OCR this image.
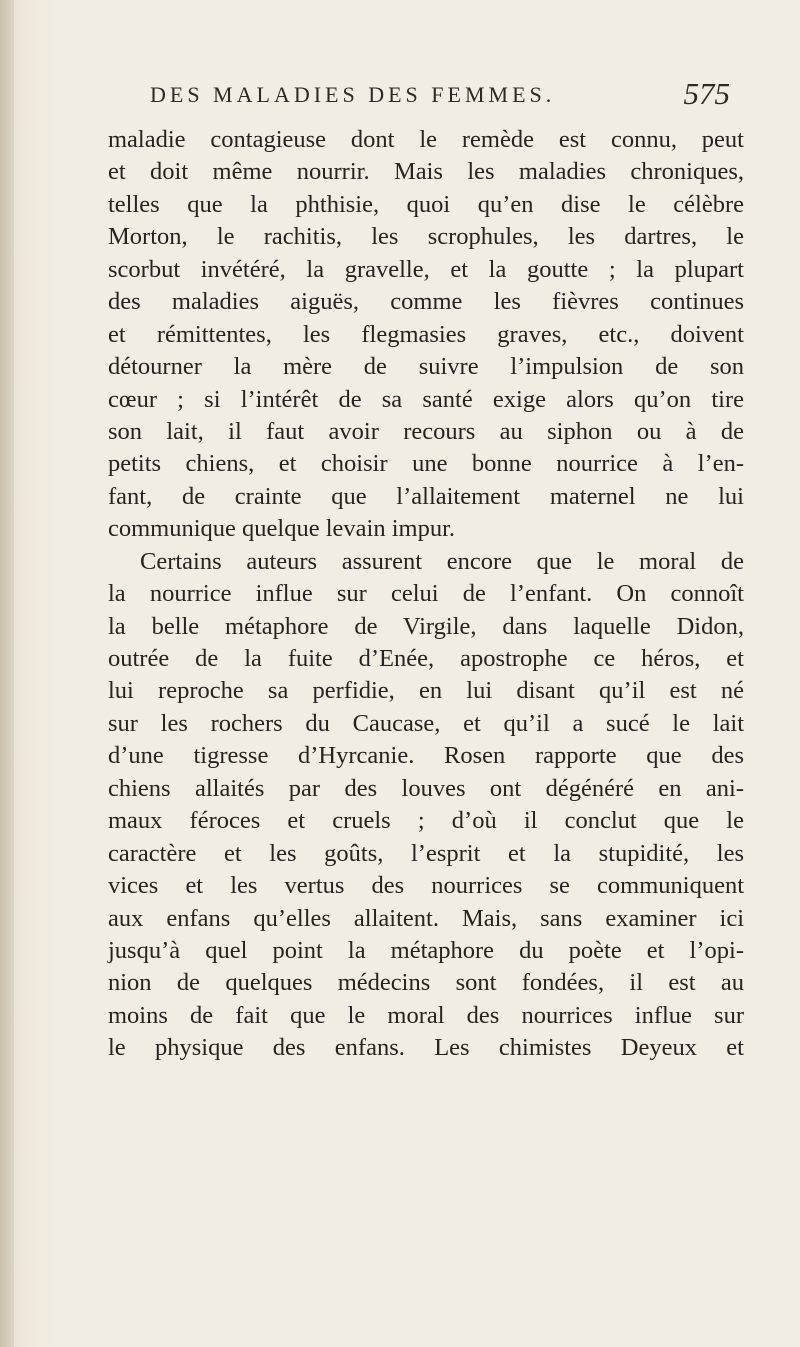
DES MALADIES DES FEMMES.	575
maladie contagieuse dont le remède est connu, peut
et doit même nourrir. Mais les maladies chroniques,
telles que la phthisie, quoi qu’en dise le célèbre
Morton, le rachitis, les scrophules, les dartres, le
scorbut invétéré, la gravelle, et la goutte ; la plupart
des maladies aiguës, comme les fièvres continues
et rémittentes, les flegmasies graves, etc., doivent
détourner la mère de suivre l’impulsion de son
cœur ; si l’intérêt de sa santé exige alors qu’on tire
son lait, il faut avoir recours au siphon ou à de
petits chiens, et choisir une bonne nourrice à l’en-
fant, de crainte que l’allaitement maternel ne lui
communique quelque levain impur.
Certains auteurs assurent encore que le moral de
la nourrice influe sur celui de l’enfant. On connoît
la belle métaphore de Virgile, dans laquelle Didon,
outrée de la fuite d’Enée, apostrophe ce héros, et
lui reproche sa perfidie, en lui disant qu’il est né
sur les rochers du Caucase, et qu’il a sucé le lait
d’une tigresse d’Hyrcanie. Rosen rapporte que des
chiens allaités par des louves ont dégénéré en ani-
maux féroces et cruels ; d’où il conclut que le
caractère et les goûts, l’esprit et la stupidité, les
vices et les vertus des nourrices se communiquent
aux enfans qu’elles allaitent. Mais, sans examiner ici
jusqu’à quel point la métaphore du poète et l’opi-
nion de quelques médecins sont fondées, il est au
moins de fait que le moral des nourrices influe sur
le physique des enfans. Les chimistes Deyeux et
